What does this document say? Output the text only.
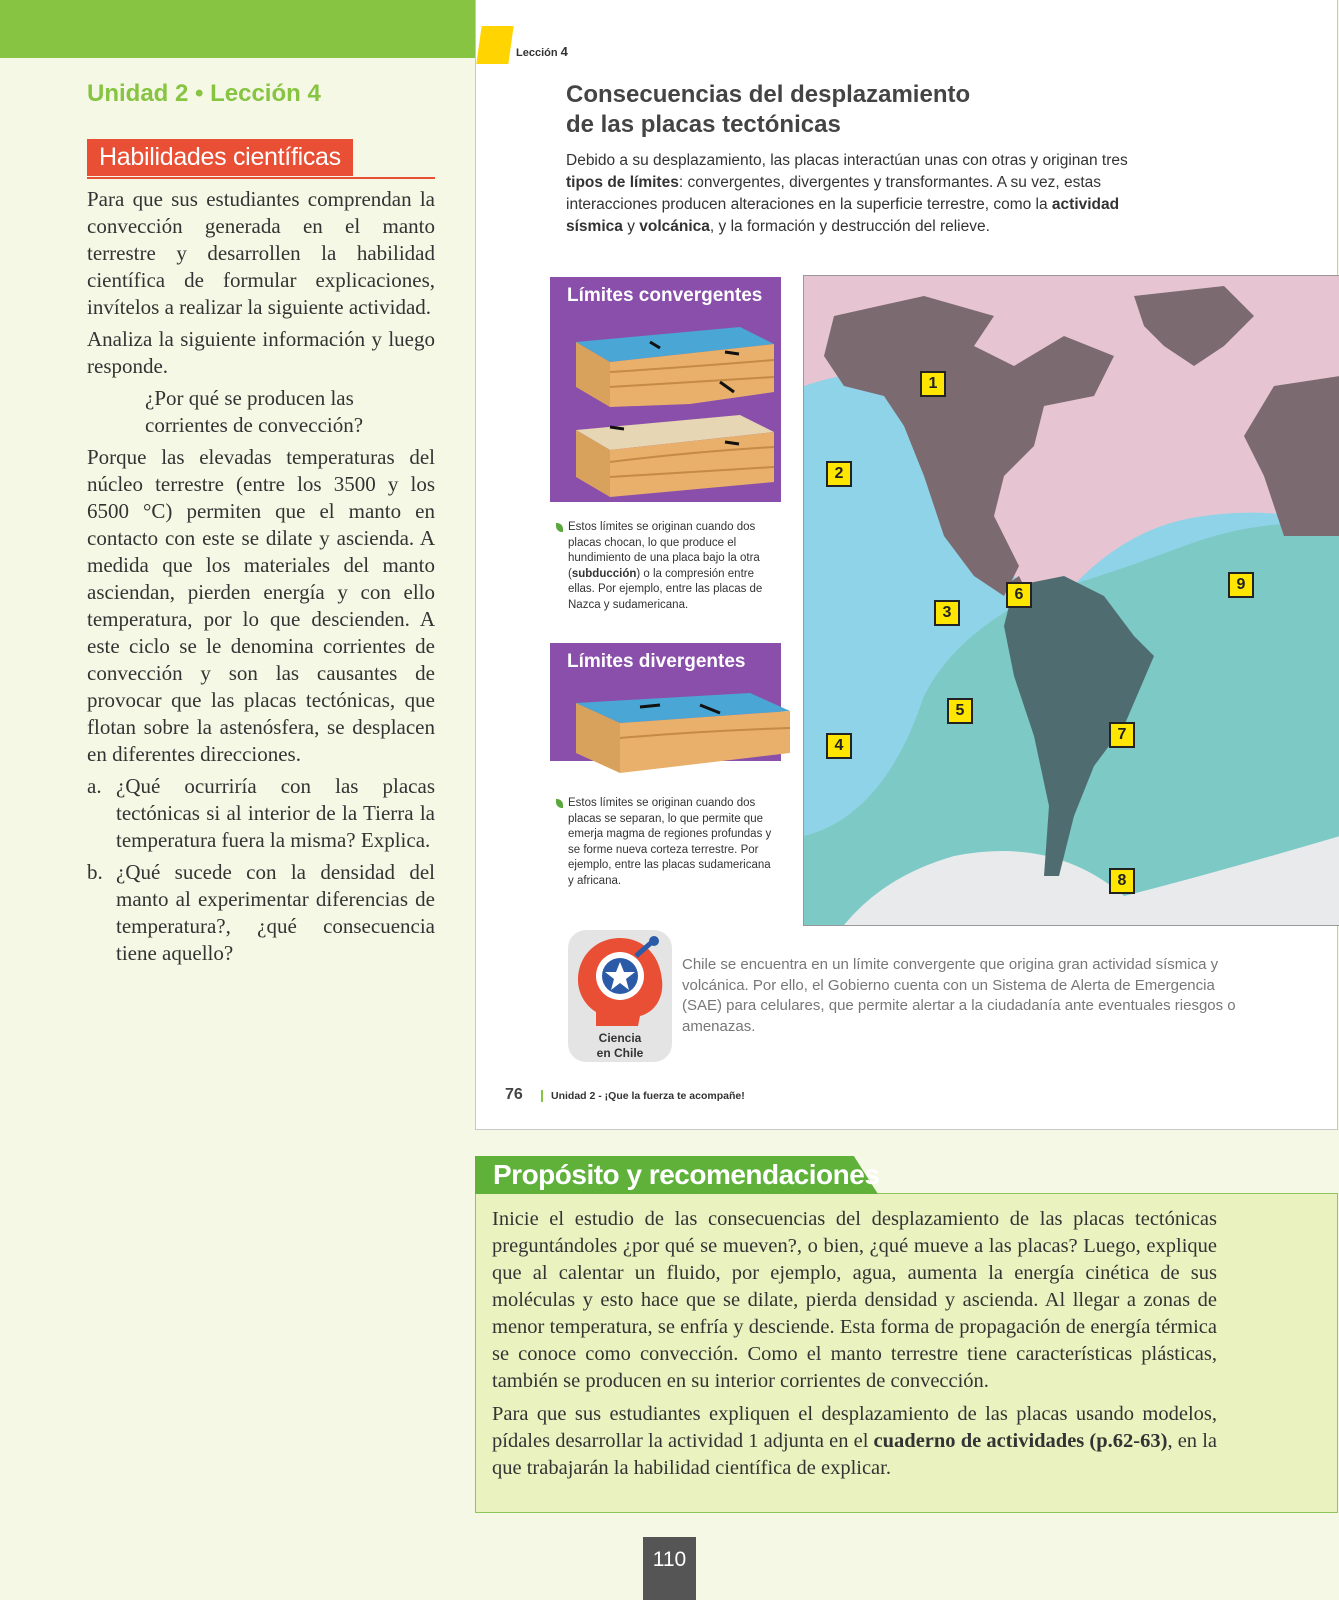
Unidad 2 • Lección 4
Habilidades científicas

Para que sus estudiantes comprendan la convección generada en el manto terrestre y desarrollen la habilidad científica de formular explicaciones, invítelos a realizar la siguiente actividad.

Analiza la siguiente información y luego responde.

¿Por qué se producen las corrientes de convección?

Porque las elevadas temperaturas del núcleo terrestre (entre los 3500 y los 6500 °C) permiten que el manto en contacto con este se dilate y ascienda. A medida que los materiales del manto asciendan, pierden energía y con ello temperatura, por lo que descienden. A este ciclo se le denomina corrientes de convección y son las causantes de provocar que las placas tectónicas, que flotan sobre la astenósfera, se desplacen en diferentes direcciones.

a. ¿Qué ocurriría con las placas tectónicas si al interior de la Tierra la temperatura fuera la misma? Explica.
b. ¿Qué sucede con la densidad del manto al experimentar diferencias de temperatura?, ¿qué consecuencia tiene aquello?
Lección 4
Consecuencias del desplazamiento
de las placas tectónicas
Debido a su desplazamiento, las placas interactúan unas con otras y originan tres tipos de límites: convergentes, divergentes y transformantes. A su vez, estas interacciones producen alteraciones en la superficie terrestre, como la actividad sísmica y volcánica, y la formación y destrucción del relieve.
Límites convergentes
Estos límites se originan cuando dos placas chocan, lo que produce el hundimiento de una placa bajo la otra (subducción) o la compresión entre ellas. Por ejemplo, entre las placas de Nazca y sudamericana.
Límites divergentes
Estos límites se originan cuando dos placas se separan, lo que permite que emerja magma de regiones profundas y se forme nueva corteza terrestre. Por ejemplo, entre las placas sudamericana y africana.
1
2
3
4
5
6
7
8
9
Ciencia
en Chile
Chile se encuentra en un límite convergente que origina gran actividad sísmica y volcánica. Por ello, el Gobierno cuenta con un Sistema de Alerta de Emergencia (SAE) para celulares, que permite alertar a la ciudadanía ante eventuales riesgos o amenazas.
76	Unidad 2 - ¡Que la fuerza te acompañe!
Propósito y recomendaciones

Inicie el estudio de las consecuencias del desplazamiento de las placas tectónicas preguntándoles ¿por qué se mueven?, o bien, ¿qué mueve a las placas? Luego, explique que al calentar un fluido, por ejemplo, agua, aumenta la energía cinética de sus moléculas y esto hace que se dilate, pierda densidad y ascienda. Al llegar a zonas de menor temperatura, se enfría y desciende. Esta forma de propagación de energía térmica se conoce como convección. Como el manto terrestre tiene características plásticas, también se producen en su interior corrientes de convección.

Para que sus estudiantes expliquen el desplazamiento de las placas usando modelos, pídales desarrollar la actividad 1 adjunta en el cuaderno de actividades (p.62-63), en la que trabajarán la habilidad científica de explicar.

110
